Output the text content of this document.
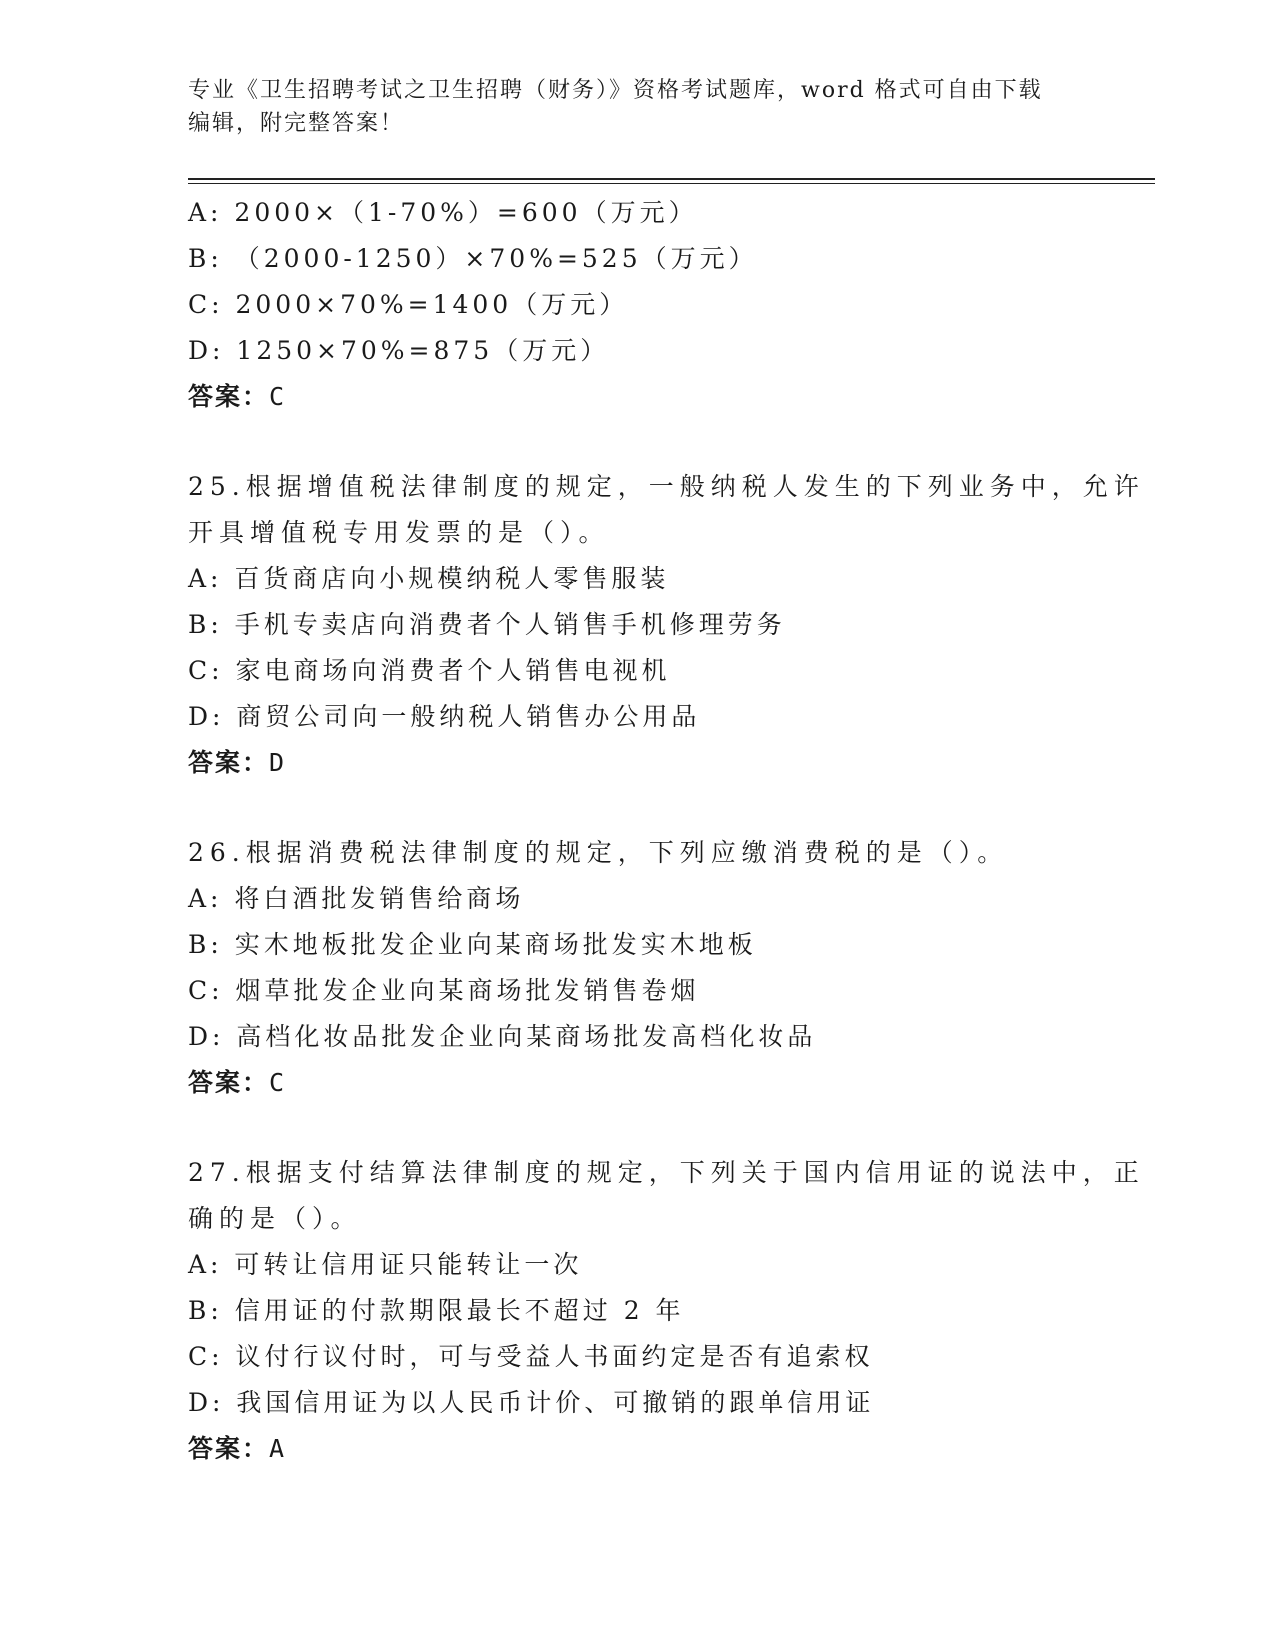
专业《卫生招聘考试之卫生招聘（财务）》资格考试题库，word 格式可自由下载
编辑，附完整答案！
A: 2000×（1-70%）=600（万元）
B: （2000-1250）×70%=525（万元）
C: 2000×70%=1400（万元）
D: 1250×70%=875（万元）
答案：C
25.根据增值税法律制度的规定，一般纳税人发生的下列业务中，允许
开具增值税专用发票的是（）。
A: 百货商店向小规模纳税人零售服装
B: 手机专卖店向消费者个人销售手机修理劳务
C: 家电商场向消费者个人销售电视机
D: 商贸公司向一般纳税人销售办公用品
答案：D
26.根据消费税法律制度的规定，下列应缴消费税的是（）。
A: 将白酒批发销售给商场
B: 实木地板批发企业向某商场批发实木地板
C: 烟草批发企业向某商场批发销售卷烟
D: 高档化妆品批发企业向某商场批发高档化妆品
答案：C
27.根据支付结算法律制度的规定，下列关于国内信用证的说法中，正
确的是（）。
A: 可转让信用证只能转让一次
B: 信用证的付款期限最长不超过 2 年
C: 议付行议付时，可与受益人书面约定是否有追索权
D: 我国信用证为以人民币计价、可撤销的跟单信用证
答案：A
